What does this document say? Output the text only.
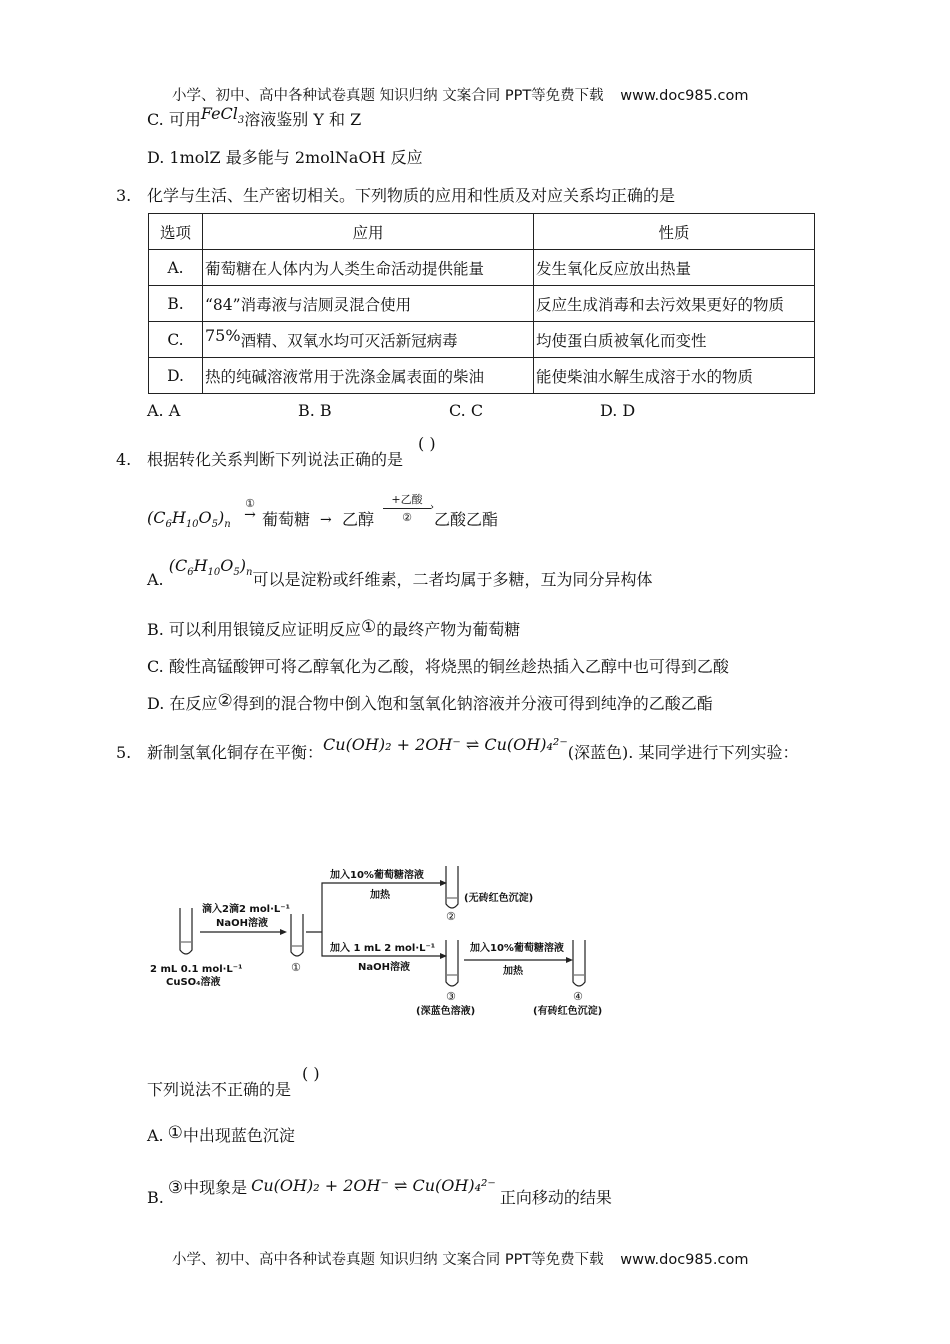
小学、初中、高中各种试卷真题 知识归纳 文案合同 PPT等免费下载 www.doc985.com
C. 可用FeCl$_3$溶液鉴别 Y 和 Z
D. 1molZ 最多能与 2molNaOH 反应
3. 化学与生活、生产密切相关。下列物质的应用和性质及对应关系均正确的是
选项	应用	性质
A.	葡萄糖在人体内为人类生命活动提供能量	发生氧化反应放出热量
B.	“84”消毒液与洁厕灵混合使用	反应生成消毒和去污效果更好的物质
C.	75%酒精、双氧水均可灭活新冠病毒	均使蛋白质被氧化而变性
D.	热的纯碱溶液常用于洗涤金属表面的柴油	能使柴油水解生成溶于水的物质
A. A	B. B	C. C	D. D
4. 根据转化关系判断下列说法正确的是
( )
$(C_6H_{10}O_5)_n$
①
→ 葡萄糖 → 乙醇
+乙酸
›
②	乙酸乙酯
A. $(C_6H_{10}O_5)_n$可以是淀粉或纤维素，二者均属于多糖，互为同分异构体
B. 可以利用银镜反应证明反应①的最终产物为葡萄糖
C. 酸性高锰酸钾可将乙醇氧化为乙酸，将烧黑的铜丝趁热插入乙醇中也可得到乙酸
D. 在反应②得到的混合物中倒入饱和氢氧化钠溶液并分液可得到纯净的乙酸乙酯
5. 新制氢氧化铜存在平衡：Cu(OH)₂ + 2OH⁻ ⇌ Cu(OH)₄²⁻(深蓝色). 某同学进行下列实验：
2 mL 0.1 mol·L⁻¹
CuSO₄溶液
滴入2滴2 mol·L⁻¹
NaOH溶液
①
加入10%葡萄糖溶液
加热
加入 1 mL 2 mol·L⁻¹
NaOH溶液
②
(无砖红色沉淀)
③
(深蓝色溶液)
加入10%葡萄糖溶液
加热
④
(有砖红色沉淀)
下列说法不正确的是
( )
A. ①中出现蓝色沉淀
B. ③中现象是 Cu(OH)₂ + 2OH⁻ ⇌ Cu(OH)₄²⁻正向移动的结果
小学、初中、高中各种试卷真题 知识归纳 文案合同 PPT等免费下载 www.doc985.com
